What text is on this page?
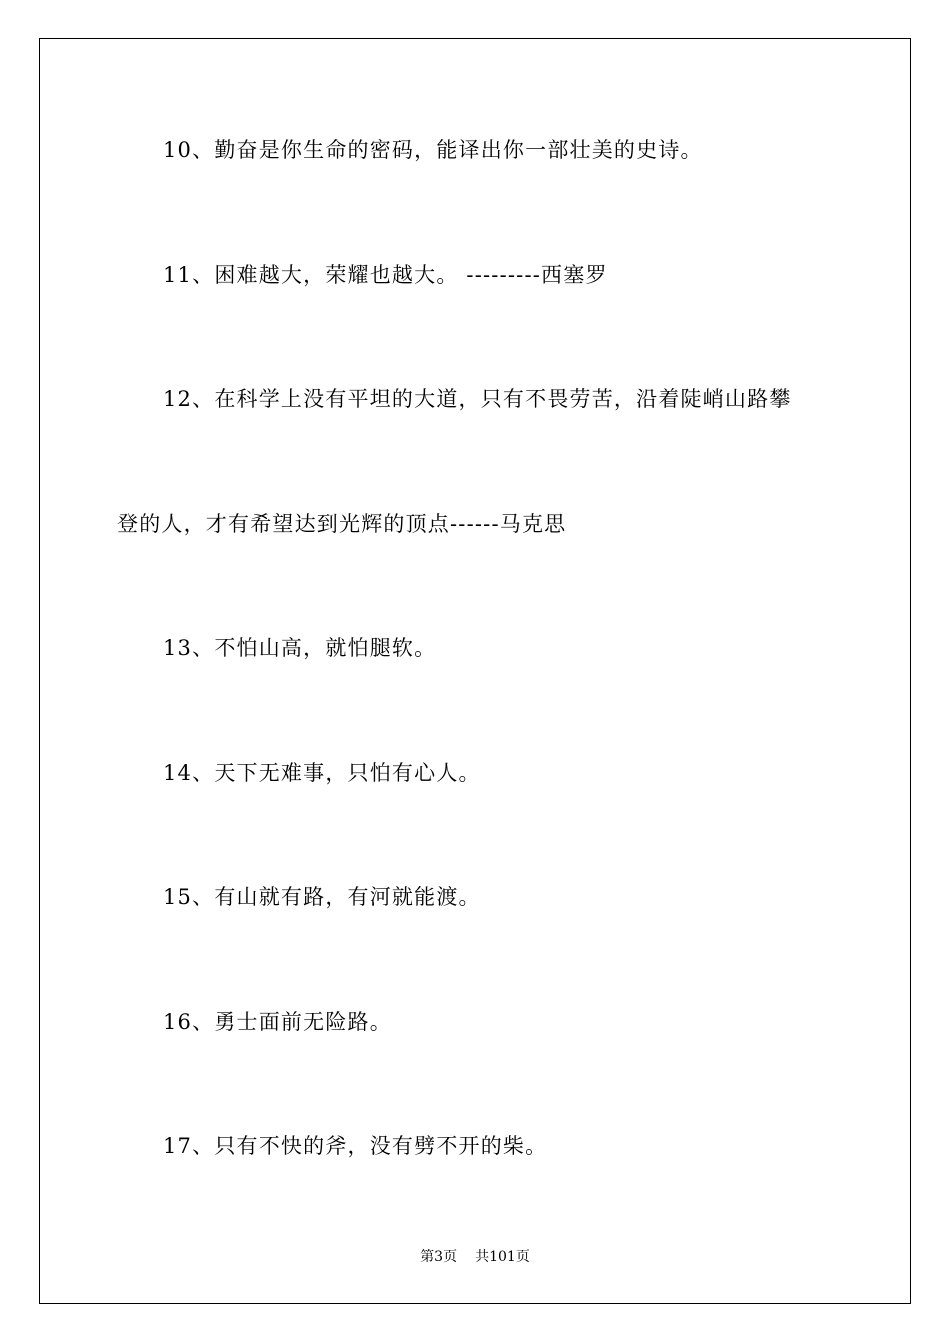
10、勤奋是你生命的密码，能译出你一部壮美的史诗。
11、困难越大，荣耀也越大。 ---------西塞罗
12、在科学上没有平坦的大道，只有不畏劳苦，沿着陡峭山路攀
登的人，才有希望达到光辉的顶点------马克思
13、不怕山高，就怕腿软。
14、天下无难事，只怕有心人。
15、有山就有路，有河就能渡。
16、勇士面前无险路。
17、只有不快的斧，没有劈不开的柴。
第3页 共101页
